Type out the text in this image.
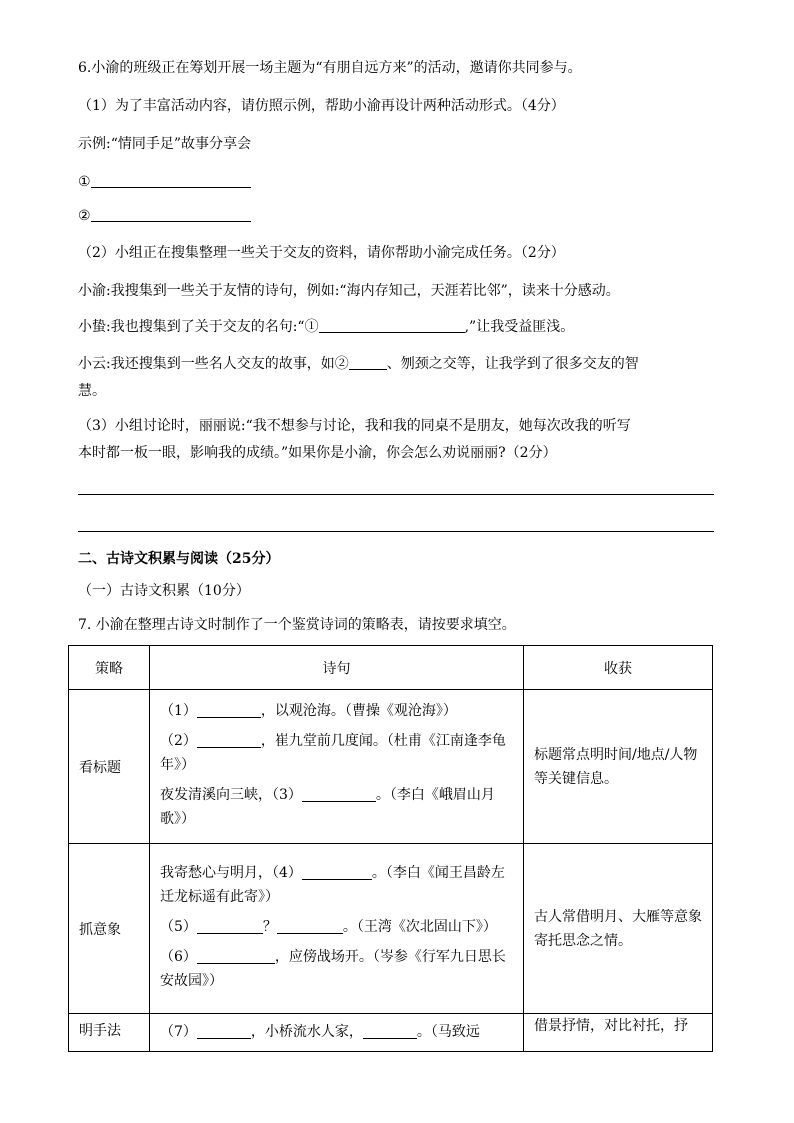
6.小渝的班级正在筹划开展一场主题为“有朋自远方来”的活动，邀请你共同参与。
（1）为了丰富活动内容，请仿照示例，帮助小渝再设计两种活动形式。（4分）
示例:“情同手足”故事分享会
①
②
（2）小组正在搜集整理一些关于交友的资料，请你帮助小渝完成任务。（2分）
小渝:我搜集到一些关于友情的诗句，例如:“海内存知己，天涯若比邻”，读来十分感动。
小蛰:我也搜集到了关于交友的名句:“①	,”让我受益匪浅。
小云:我还搜集到一些名人交友的故事，如②	、刎颈之交等，让我学到了很多交友的智
慧。
（3）小组讨论时，丽丽说:“我不想参与讨论，我和我的同桌不是朋友，她每次改我的听写
本时都一板一眼，影响我的成绩。”如果你是小渝，你会怎么劝说丽丽?（2分）
二、古诗文积累与阅读（25分）
（一）古诗文积累（10分）
7. 小渝在整理古诗文时制作了一个鉴赏诗词的策略表，请按要求填空。
策略	诗句	收获
看标题	（1） ，以观沧海。（曹操《观沧海》）
（2） ，崔九堂前几度闻。（杜甫《江南逢李龟年》）
夜发清溪向三峡，（3） 。（李白《峨眉山月歌》）	标题常点明时间/地点/人物等关键信息。
抓意象	我寄愁心与明月，（4） 。（李白《闻王昌龄左迁龙标遥有此寄》）
（5） ？ 。（王湾《次北固山下》）
（6） ，应傍战场开。（岑参《行军九日思长安故园》）	古人常借明月、大雁等意象寄托思念之情。
明手法	（7） ，小桥流水人家， 。（马致远	借景抒情，对比衬托，抒
